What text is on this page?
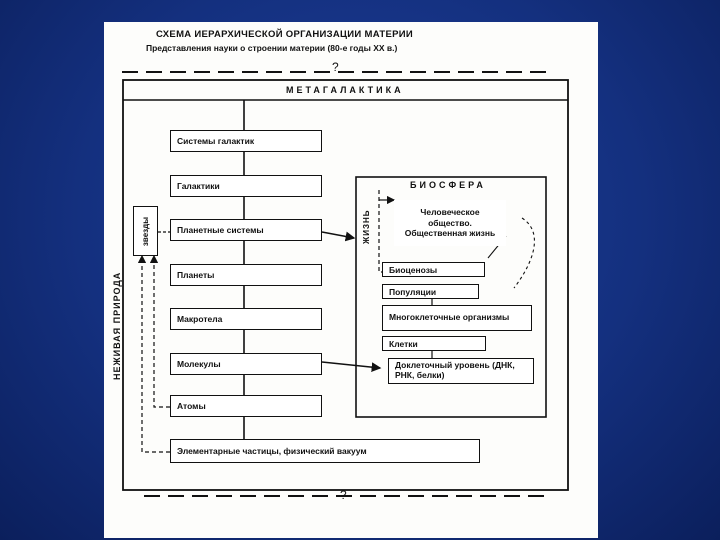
СХЕМА ИЕРАРХИЧЕСКОЙ ОРГАНИЗАЦИИ МАТЕРИИ
Представления науки о строении материи (80-е годы XX в.)
?
?
МЕТАГАЛАКТИКА
НЕЖИВАЯ ПРИРОДА
звезды
Системы галактик
Галактики
Планетные системы
Планеты
Макротела
Молекулы
Атомы
Элементарные частицы, физический вакуум
БИОСФЕРА
ЖИЗНЬ	Человеческое общество. Общественная жизнь
Биоценозы
Популяции
Многоклеточные организмы
Клетки
Доклеточный уровень (ДНК, РНК, белки)
